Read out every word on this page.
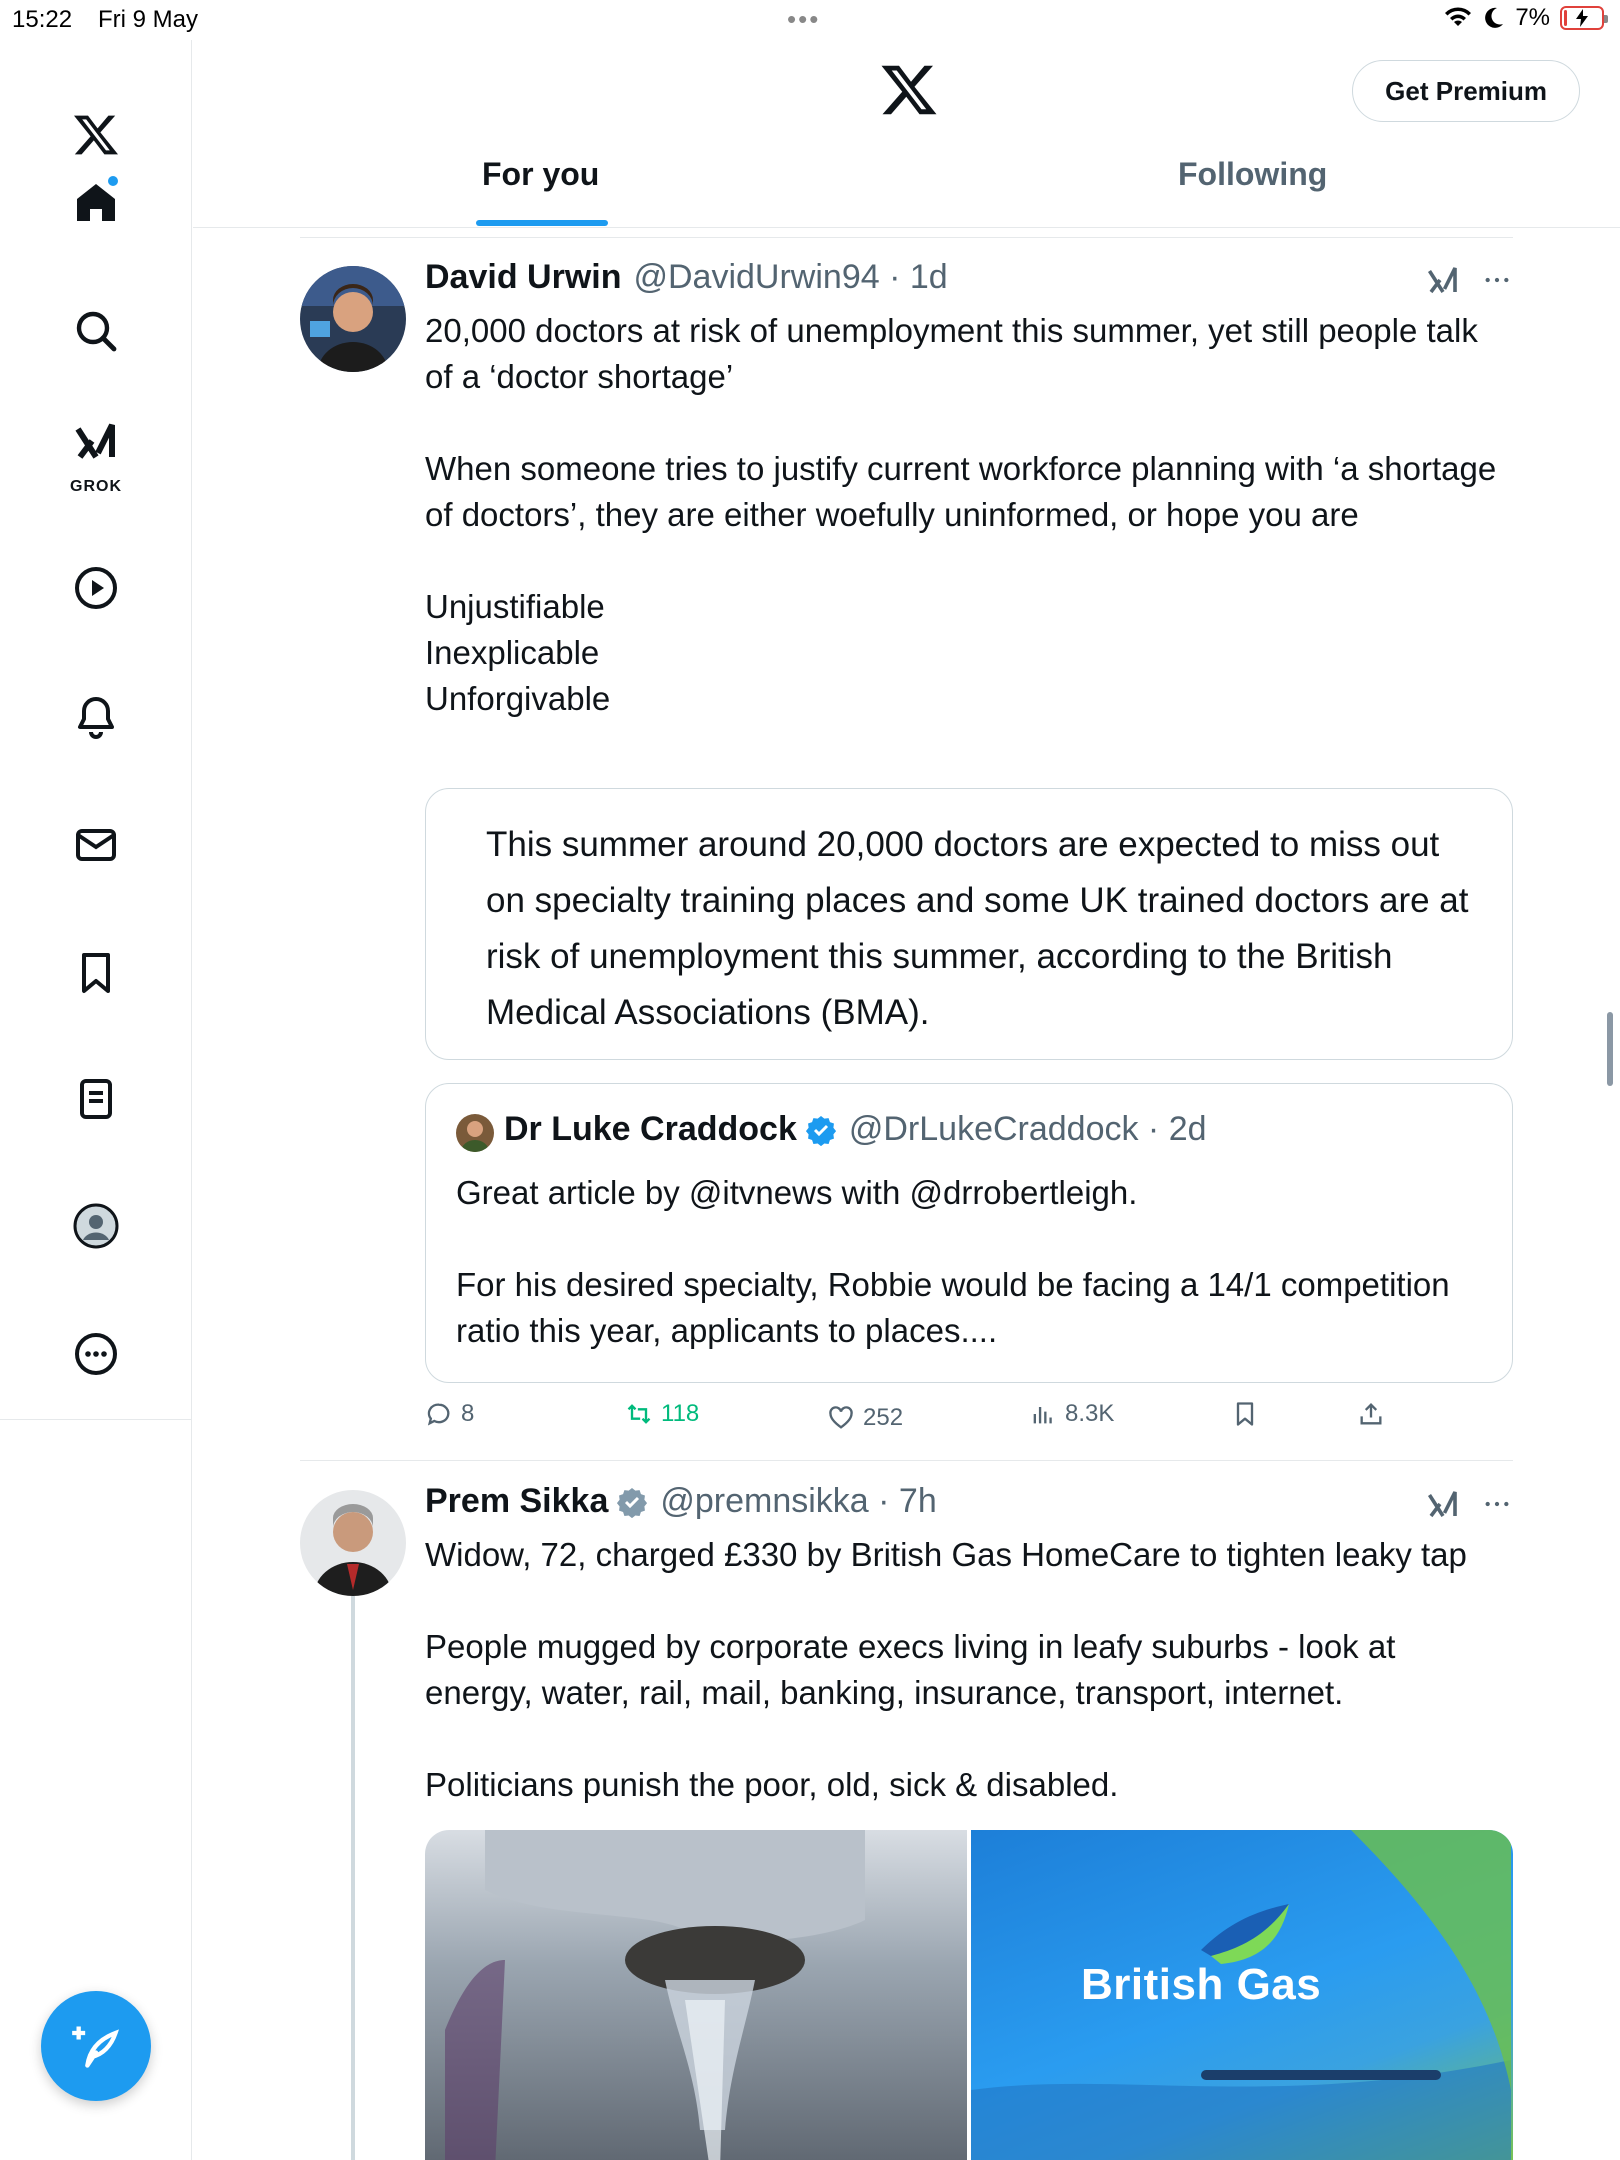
15:22 Fri 9 May	•••	7%
GROK
Get Premium
For you	Following
David Urwin @DavidUrwin94 · 1d
20,000 doctors at risk of unemployment this summer, yet still people talk of a ‘doctor shortage’

When someone tries to justify current workforce planning with ‘a shortage of doctors’, they are either woefully uninformed, or hope you are

Unjustifiable
Inexplicable
Unforgivable
This summer around 20,000 doctors are expected to miss out on specialty training places and some UK trained doctors are at risk of unemployment this summer, according to the British Medical Associations (BMA).
Dr Luke Craddock @DrLukeCraddock · 2d
Great article by @itvnews with @drrobertleigh.

For his desired specialty, Robbie would be facing a 14/1 competition ratio this year, applicants to places....
8	118	252	8.3K
Prem Sikka @premnsikka · 7h
Widow, 72, charged £330 by British Gas HomeCare to tighten leaky tap

People mugged by corporate execs living in leafy suburbs - look at energy, water, rail, mail, banking, insurance, transport, internet.

Politicians punish the poor, old, sick & disabled.
British Gas
